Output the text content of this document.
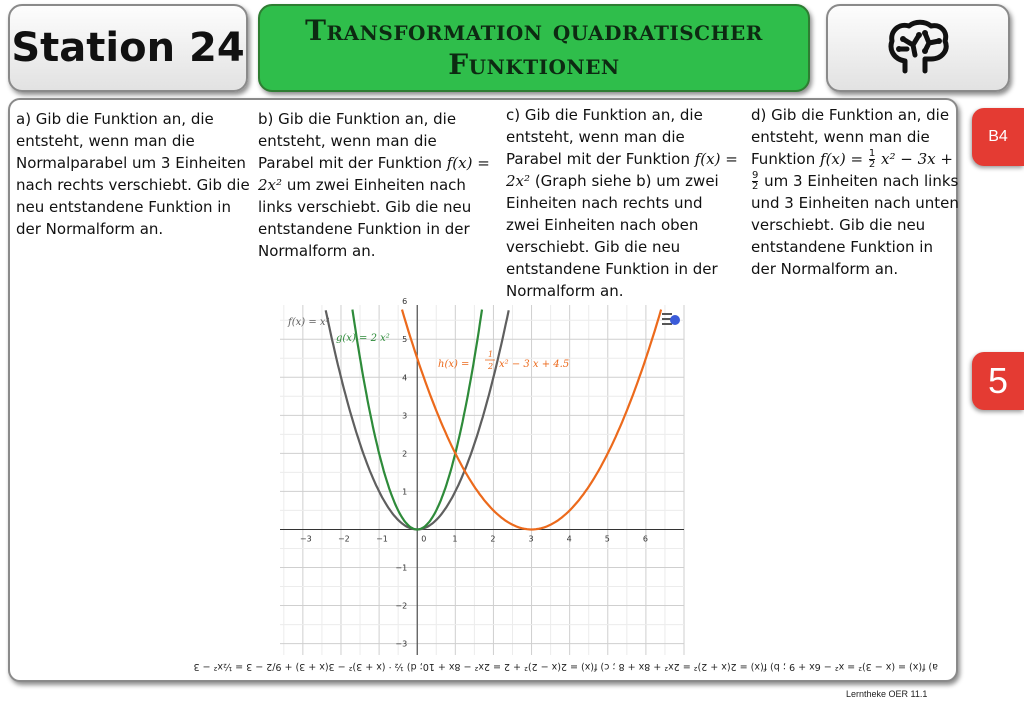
Station 24 Transformation quadratischer
Funktionen
a) Gib die Funktion an, die entsteht, wenn man die Normalparabel um 3 Einheiten nach rechts verschiebt. Gib die neu entstandene Funktion in der Normalform an.
b) Gib die Funktion an, die entsteht, wenn man die Parabel mit der Funktion f(x) = 2x² um zwei Einheiten nach links verschiebt. Gib die neu entstandene Funktion in der Normalform an.
c) Gib die Funktion an, die entsteht, wenn man die Parabel mit der Funktion f(x) = 2x² (Graph siehe b) um zwei Einheiten nach rechts und zwei Einheiten nach oben verschiebt. Gib die neu entstandene Funktion in der Normalform an.
d) Gib die Funktion an, die entsteht, wenn man die Funktion $f(x) = \frac{1}{2} x^2 - 3x$ +
$\frac{9}{2}$ um 3 Einheiten nach links und 3 Einheiten nach unten verschiebt. Gib die neu entstandene Funktion in der Normalform an.
B4
5
−3	−2	−1	0	1	2	3	4	5	6
6
5
4
3
2
1
−1
−2
−3
f(x) = x²
g(x) = 2 x²
h(x) =
1
2 x² − 3 x + 4.5
a) f(x) = (x − 3)² = x² − 6x + 9 ; b) f(x) = 2(x + 2)² = 2x² + 8x + 8 ; c) f(x) = 2(x − 2)² + 2 = 2x² − 8x + 10; d) ½ · (x + 3)² − 3(x + 3) + 9/2 − 3 = ½x² − 3
Lerntheke OER 11.1
